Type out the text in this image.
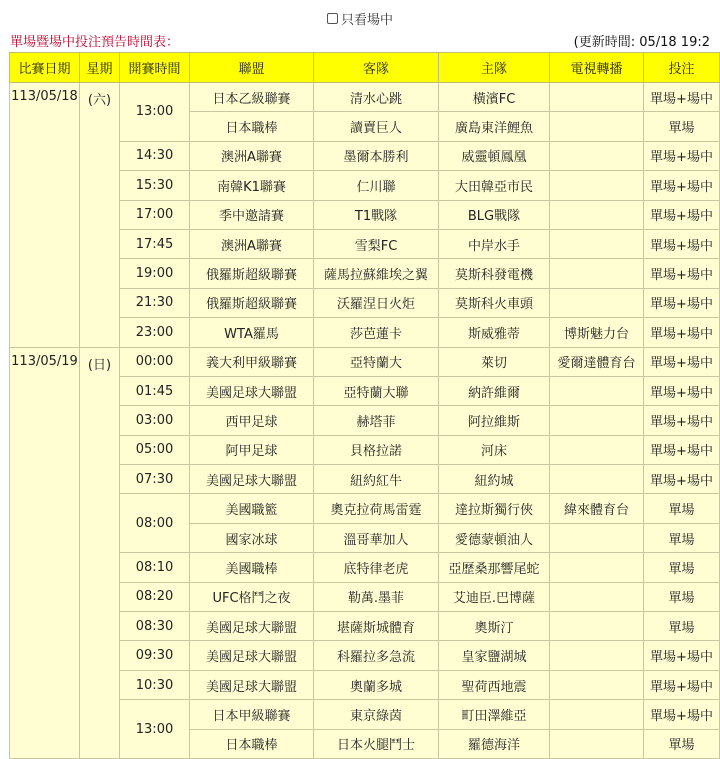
只看場中
單場暨場中投注預告時間表：	(更新時間: 05/18 19:2
比賽日期	星期	開賽時間	聯盟	客隊	主隊	電視轉播	投注
113/05/18	(六)	13:00	日本乙級聯賽	清水心跳	橫濱FC		單場+場中
			日本職棒	讀賣巨人	廣島東洋鯉魚		單場
		14:30	澳洲A聯賽	墨爾本勝利	威靈頓鳳凰		單場+場中
		15:30	南韓K1聯賽	仁川聯	大田韓亞市民		單場+場中
		17:00	季中邀請賽	T1戰隊	BLG戰隊		單場+場中
		17:45	澳洲A聯賽	雪梨FC	中岸水手		單場+場中
		19:00	俄羅斯超級聯賽	薩馬拉蘇維埃之翼	莫斯科發電機		單場+場中
		21:30	俄羅斯超級聯賽	沃羅涅日火炬	莫斯科火車頭		單場+場中
		23:00	WTA羅馬	莎芭蓮卡	斯威雅蒂	博斯魅力台	單場+場中
113/05/19	(日)	00:00	義大利甲級聯賽	亞特蘭大	萊切	愛爾達體育台	單場+場中
		01:45	美國足球大聯盟	亞特蘭大聯	納許維爾		單場+場中
		03:00	西甲足球	赫塔菲	阿拉維斯		單場+場中
		05:00	阿甲足球	貝格拉諾	河床		單場+場中
		07:30	美國足球大聯盟	紐約紅牛	紐約城		單場+場中
		08:00	美國職籃	奧克拉荷馬雷霆	達拉斯獨行俠	緯來體育台	單場
			國家冰球	溫哥華加人	愛德蒙頓油人		單場
		08:10	美國職棒	底特律老虎	亞歷桑那響尾蛇		單場
		08:20	UFC格鬥之夜	勒萬.墨菲	艾迪臣.巴博薩		單場
		08:30	美國足球大聯盟	堪薩斯城體育	奧斯汀		單場
		09:30	美國足球大聯盟	科羅拉多急流	皇家鹽湖城		單場+場中
		10:30	美國足球大聯盟	奧蘭多城	聖荷西地震		單場+場中
		13:00	日本甲級聯賽	東京綠茵	町田澤維亞		單場+場中
			日本職棒	日本火腿鬥士	羅德海洋		單場
